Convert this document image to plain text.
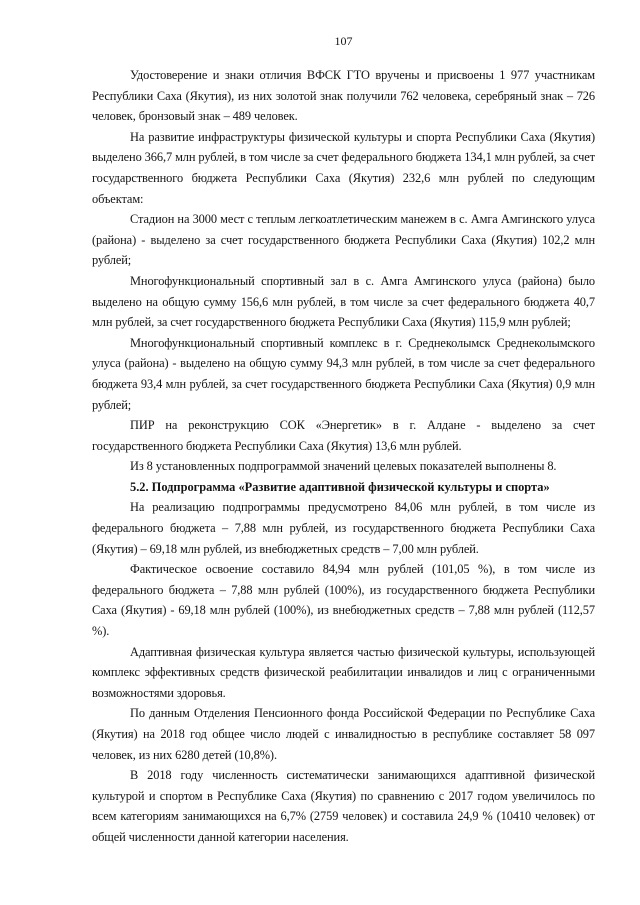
107

Удостоверение и знаки отличия ВФСК ГТО вручены и присвоены 1 977 участникам Республики Саха (Якутия), из них золотой знак получили 762 человека, серебряный знак – 726 человек, бронзовый знак – 489 человек.

На развитие инфраструктуры физической культуры и спорта Республики Саха (Якутия) выделено 366,7 млн рублей, в том числе за счет федерального бюджета 134,1 млн рублей, за счет государственного бюджета Республики Саха (Якутия) 232,6 млн рублей по следующим объектам:

Стадион на 3000 мест с теплым легкоатлетическим манежем в с. Амга Амгинского улуса (района) - выделено за счет государственного бюджета Республики Саха (Якутия) 102,2 млн рублей;

Многофункциональный спортивный зал в с. Амга Амгинского улуса (района) было выделено на общую сумму 156,6 млн рублей, в том числе за счет федерального бюджета 40,7 млн рублей, за счет государственного бюджета Республики Саха (Якутия) 115,9 млн рублей;

Многофункциональный спортивный комплекс в г. Среднеколымск Среднеколымского улуса (района) - выделено на общую сумму 94,3 млн рублей, в том числе за счет федерального бюджета 93,4 млн рублей, за счет государственного бюджета Республики Саха (Якутия) 0,9 млн рублей;

ПИР на реконструкцию СОК «Энергетик» в г. Алдане - выделено за счет государственного бюджета Республики Саха (Якутия) 13,6 млн рублей.

Из 8 установленных подпрограммой значений целевых показателей выполнены 8.

5.2. Подпрограмма «Развитие адаптивной физической культуры и спорта»

На реализацию подпрограммы предусмотрено 84,06 млн рублей, в том числе из федерального бюджета – 7,88 млн рублей, из государственного бюджета Республики Саха (Якутия) – 69,18 млн рублей, из внебюджетных средств – 7,00 млн рублей.

Фактическое освоение составило 84,94 млн рублей (101,05 %), в том числе из федерального бюджета – 7,88 млн рублей (100%), из государственного бюджета Республики Саха (Якутия) - 69,18 млн рублей (100%), из внебюджетных средств – 7,88 млн рублей (112,57 %).

Адаптивная физическая культура является частью физической культуры, использующей комплекс эффективных средств физической реабилитации инвалидов и лиц с ограниченными возможностями здоровья.

По данным Отделения Пенсионного фонда Российской Федерации по Республике Саха (Якутия) на 2018 год общее число людей с инвалидностью в республике составляет 58 097 человек, из них 6280 детей (10,8%).

В 2018 году численность систематически занимающихся адаптивной физической культурой и спортом в Республике Саха (Якутия) по сравнению с 2017 годом увеличилось по всем категориям занимающихся на 6,7% (2759 человек) и составила 24,9 % (10410 человек) от общей численности данной категории населения.
